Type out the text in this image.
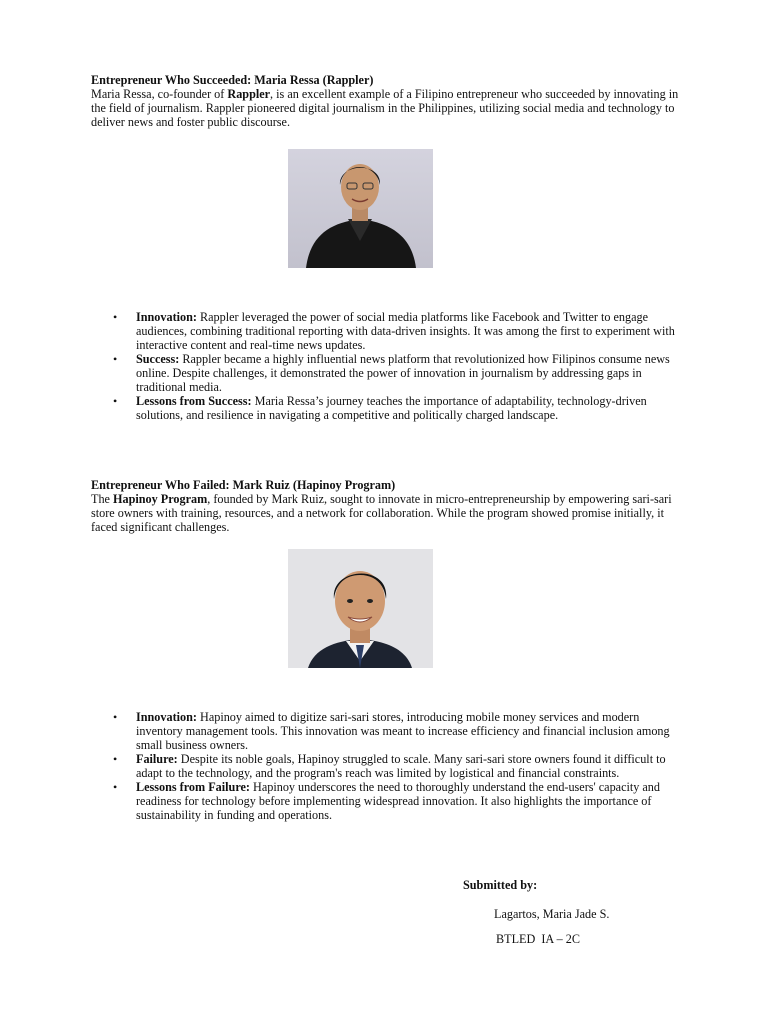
Entrepreneur Who Succeeded: Maria Ressa (Rappler)

Maria Ressa, co-founder of Rappler, is an excellent example of a Filipino entrepreneur who succeeded by innovating in the field of journalism. Rappler pioneered digital journalism in the Philippines, utilizing social media and technology to deliver news and foster public discourse.

• Innovation: Rappler leveraged the power of social media platforms like Facebook and Twitter to engage audiences, combining traditional reporting with data-driven insights. It was among the first to experiment with interactive content and real-time news updates.
• Success: Rappler became a highly influential news platform that revolutionized how Filipinos consume news online. Despite challenges, it demonstrated the power of innovation in journalism by addressing gaps in traditional media.
• Lessons from Success: Maria Ressa’s journey teaches the importance of adaptability, technology-driven solutions, and resilience in navigating a competitive and politically charged landscape.
Entrepreneur Who Failed: Mark Ruiz (Hapinoy Program)

The Hapinoy Program, founded by Mark Ruiz, sought to innovate in micro-entrepreneurship by empowering sari-sari store owners with training, resources, and a network for collaboration. While the program showed promise initially, it faced significant challenges.

• Innovation: Hapinoy aimed to digitize sari-sari stores, introducing mobile money services and modern inventory management tools. This innovation was meant to increase efficiency and financial inclusion among small business owners.
• Failure: Despite its noble goals, Hapinoy struggled to scale. Many sari-sari store owners found it difficult to adapt to the technology, and the program's reach was limited by logistical and financial constraints.
• Lessons from Failure: Hapinoy underscores the need to thoroughly understand the end-users' capacity and readiness for technology before implementing widespread innovation. It also highlights the importance of sustainability in funding and operations.
Submitted by:
Lagartos, Maria Jade S.
BTLED  IA – 2C
